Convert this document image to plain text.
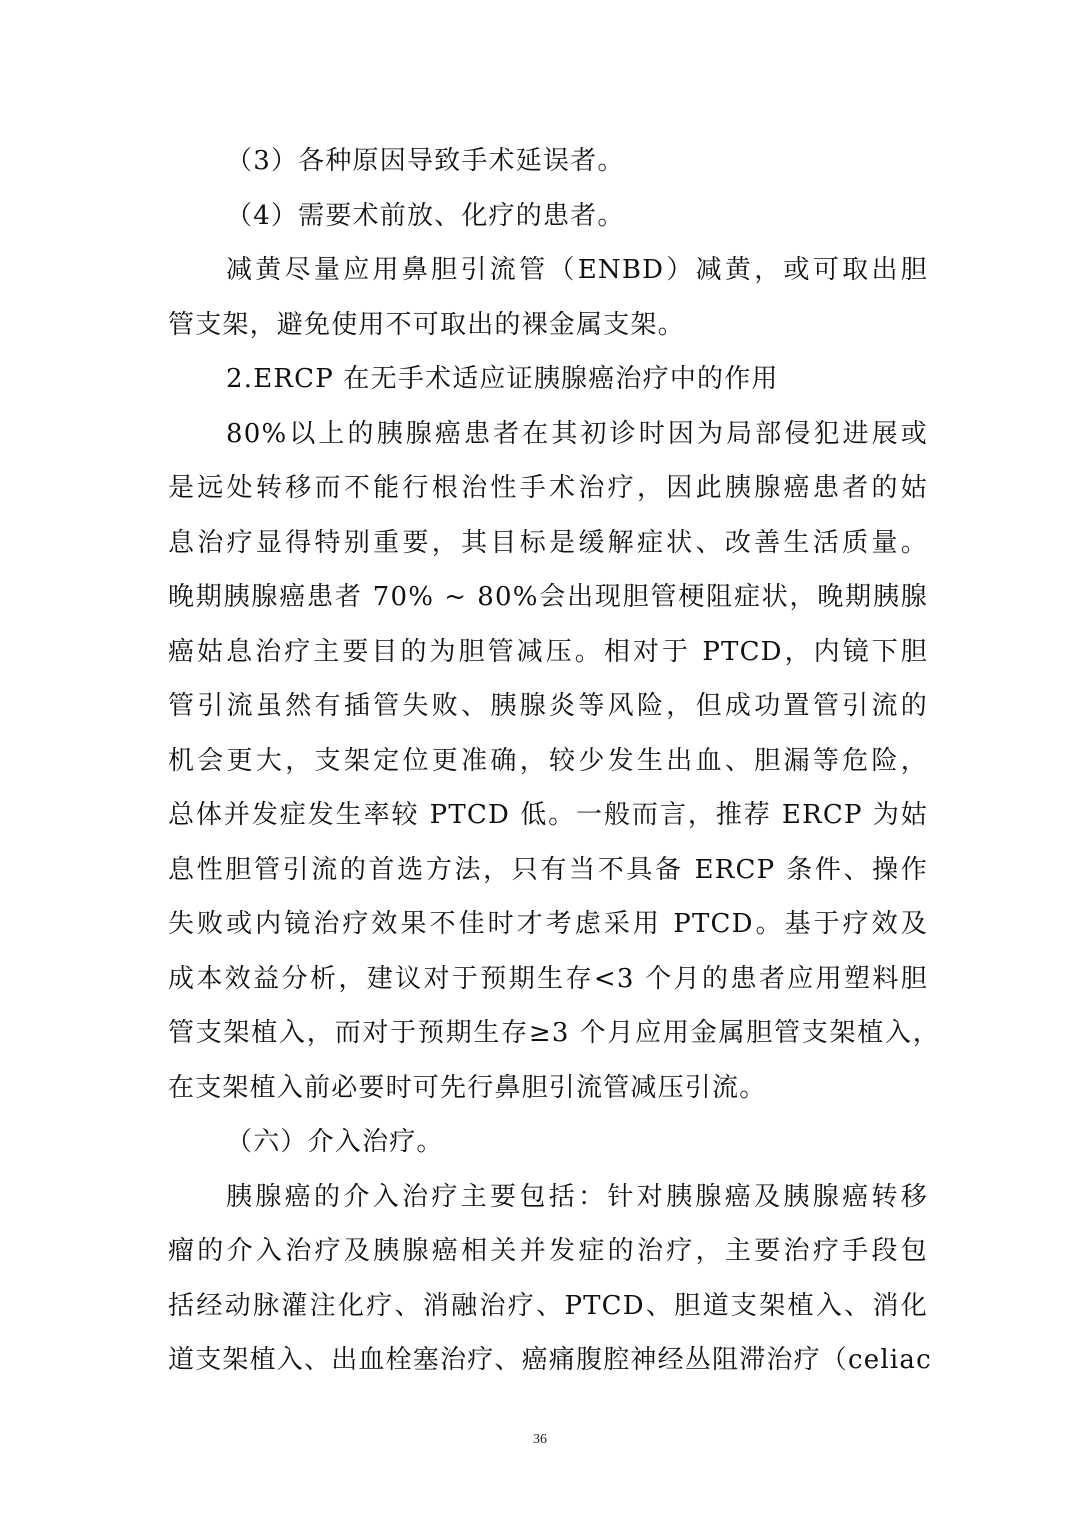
（3）各种原因导致手术延误者。
（4）需要术前放、化疗的患者。
减黄尽量应用鼻胆引流管（ENBD）减黄，或可取出胆
管支架，避免使用不可取出的裸金属支架。
2.ERCP 在无手术适应证胰腺癌治疗中的作用
80%以上的胰腺癌患者在其初诊时因为局部侵犯进展或
是远处转移而不能行根治性手术治疗，因此胰腺癌患者的姑
息治疗显得特别重要，其目标是缓解症状、改善生活质量。
晚期胰腺癌患者 70% ~ 80%会出现胆管梗阻症状，晚期胰腺
癌姑息治疗主要目的为胆管减压。相对于 PTCD，内镜下胆
管引流虽然有插管失败、胰腺炎等风险，但成功置管引流的
机会更大，支架定位更准确，较少发生出血、胆漏等危险，
总体并发症发生率较 PTCD 低。一般而言，推荐 ERCP 为姑
息性胆管引流的首选方法，只有当不具备 ERCP 条件、操作
失败或内镜治疗效果不佳时才考虑采用 PTCD。基于疗效及
成本效益分析，建议对于预期生存<3 个月的患者应用塑料胆
管支架植入，而对于预期生存≥3 个月应用金属胆管支架植入，
在支架植入前必要时可先行鼻胆引流管减压引流。
（六）介入治疗。
胰腺癌的介入治疗主要包括：针对胰腺癌及胰腺癌转移
瘤的介入治疗及胰腺癌相关并发症的治疗，主要治疗手段包
括经动脉灌注化疗、消融治疗、PTCD、胆道支架植入、消化
道支架植入、出血栓塞治疗、癌痛腹腔神经丛阻滞治疗（celiac
36
